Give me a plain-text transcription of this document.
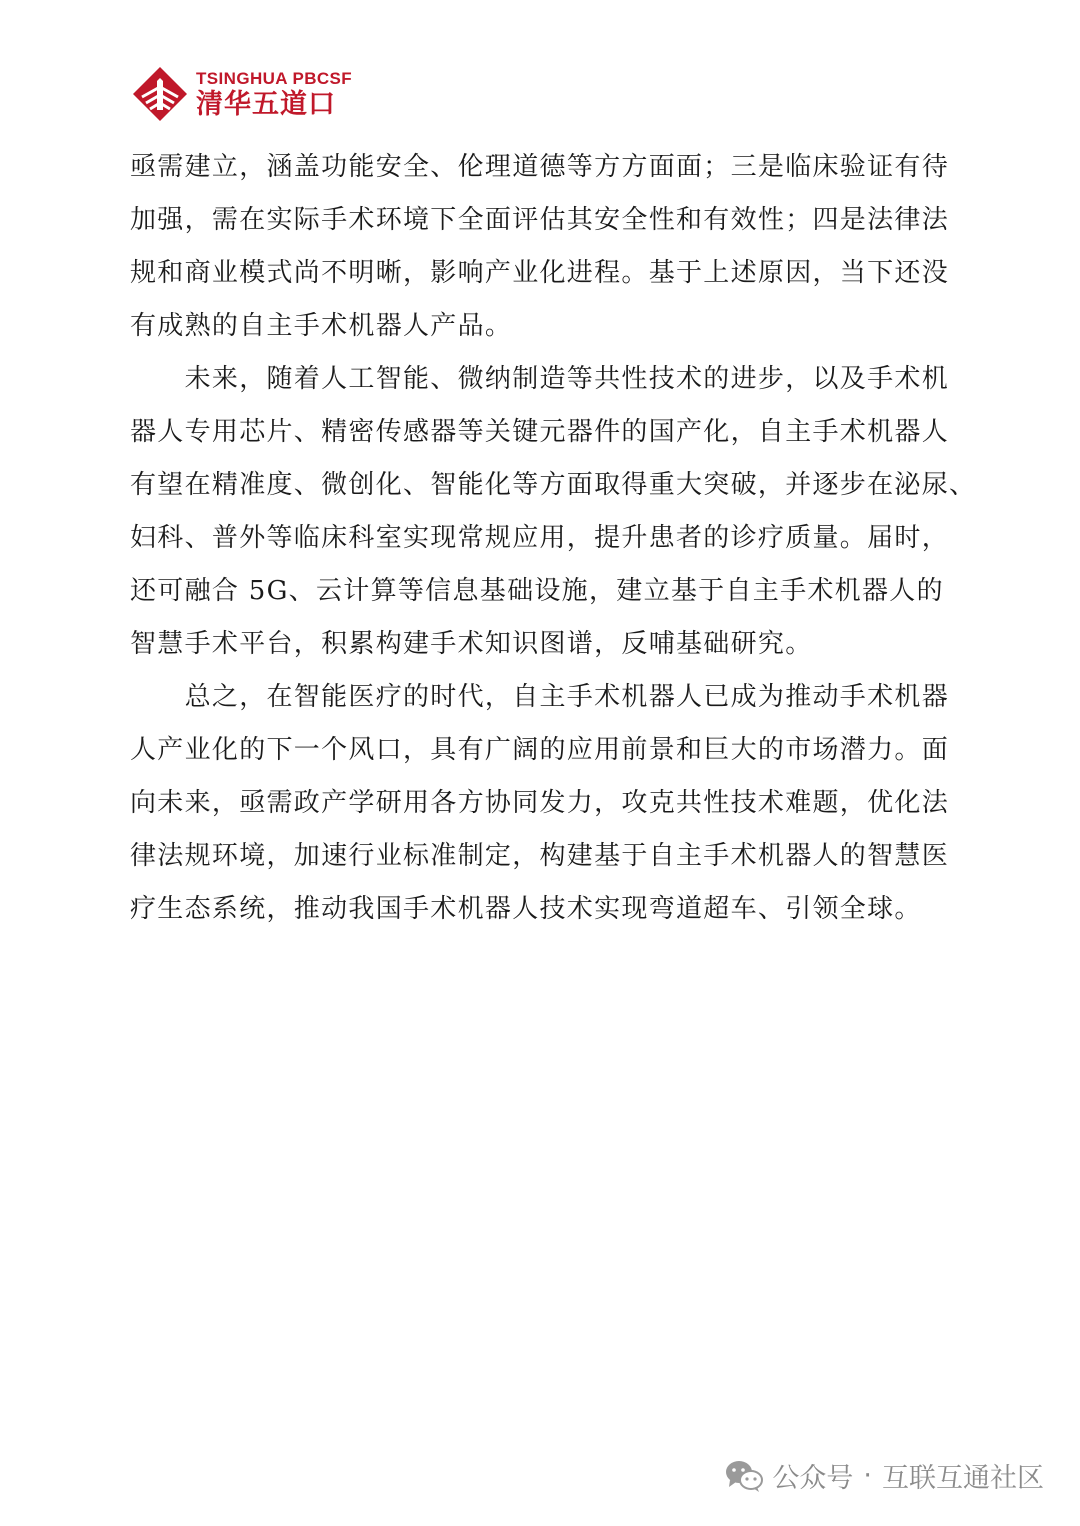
TSINGHUA PBCSF
清华五道口
亟需建立，涵盖功能安全、伦理道德等方方面面；三是临床验证有待
加强，需在实际手术环境下全面评估其安全性和有效性；四是法律法
规和商业模式尚不明晰，影响产业化进程。基于上述原因，当下还没
有成熟的自主手术机器人产品。
　　未来，随着人工智能、微纳制造等共性技术的进步，以及手术机
器人专用芯片、精密传感器等关键元器件的国产化，自主手术机器人
有望在精准度、微创化、智能化等方面取得重大突破，并逐步在泌尿、
妇科、普外等临床科室实现常规应用，提升患者的诊疗质量。届时，
还可融合 5G、云计算等信息基础设施，建立基于自主手术机器人的
智慧手术平台，积累构建手术知识图谱，反哺基础研究。
　　总之，在智能医疗的时代，自主手术机器人已成为推动手术机器
人产业化的下一个风口，具有广阔的应用前景和巨大的市场潜力。面
向未来，亟需政产学研用各方协同发力，攻克共性技术难题，优化法
律法规环境，加速行业标准制定，构建基于自主手术机器人的智慧医
疗生态系统，推动我国手术机器人技术实现弯道超车、引领全球。
公众号 · 互联互通社区
